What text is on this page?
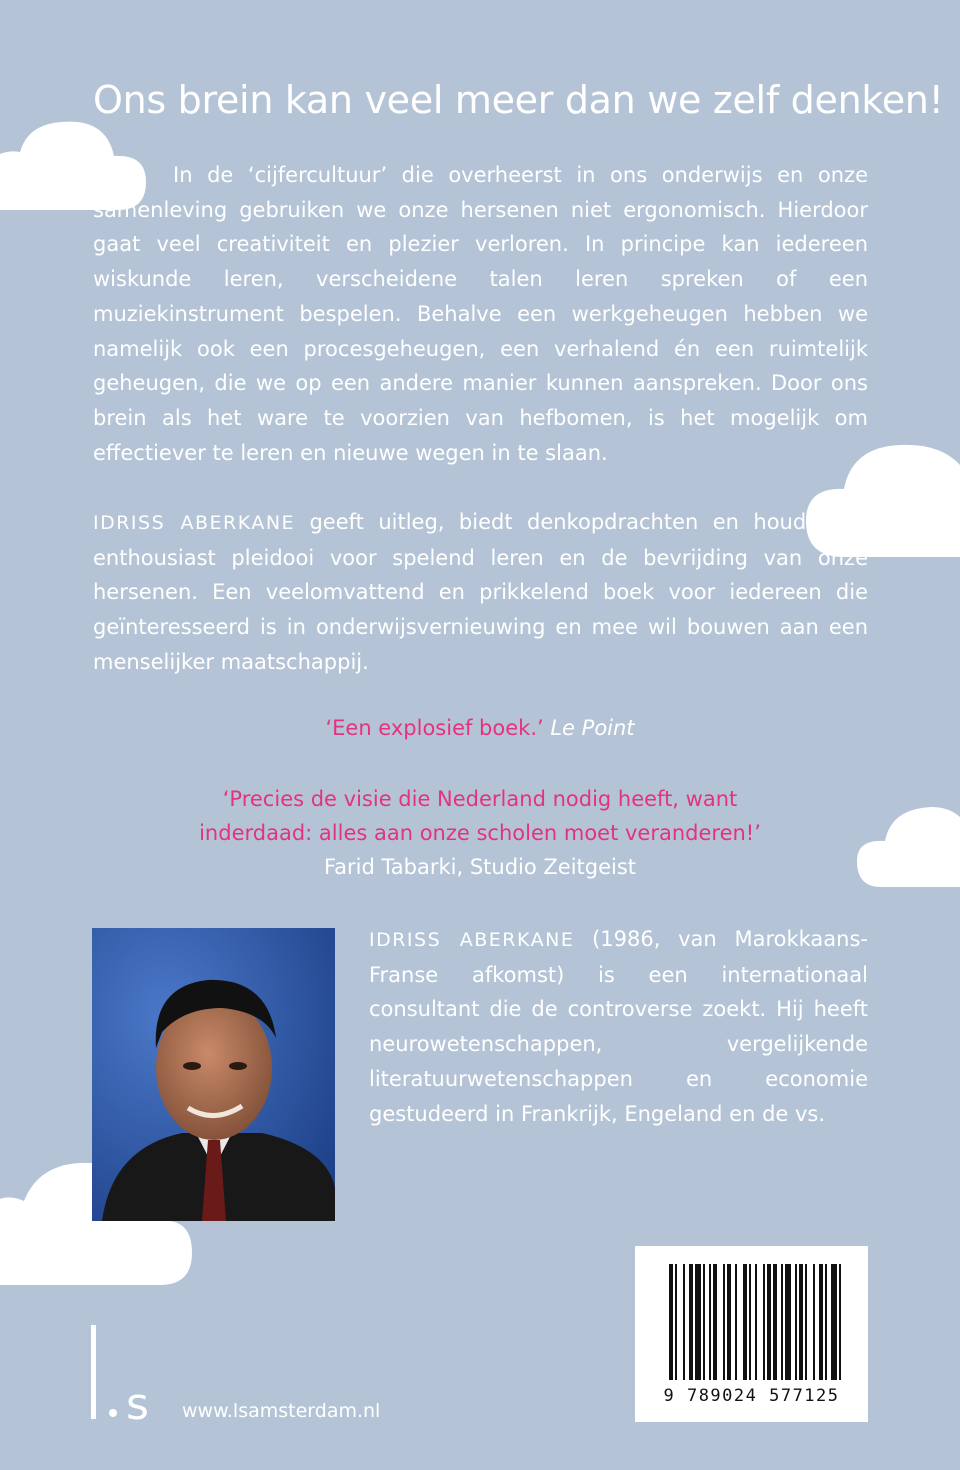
Ons brein kan veel meer dan we zelf denken!

In de ‘cijfercultuur’ die overheerst in ons onderwijs en onze samenleving gebruiken we onze hersenen niet ergonomisch. Hierdoor gaat veel creativiteit en plezier verloren. In principe kan iedereen wiskunde leren, verscheidene talen leren spreken of een muziekinstrument bespelen. Behalve een werkgeheugen hebben we namelijk ook een procesgeheugen, een verhalend én een ruimtelijk geheugen, die we op een andere manier kunnen aanspreken. Door ons brein als het ware te voorzien van hefbomen, is het mogelijk om effectiever te leren en nieuwe wegen in te slaan.

IDRISS ABERKANE geeft uitleg, biedt denkopdrachten en houdt een enthousiast pleidooi voor spelend leren en de bevrijding van onze hersenen. Een veelomvattend en prikkelend boek voor iedereen die geïnteresseerd is in onderwijsvernieuwing en mee wil bouwen aan een menselijker maatschappij.

‘Een explosief boek.’ Le Point

‘Precies de visie die Nederland nodig heeft, want
inderdaad: alles aan onze scholen moet veranderen!’
Farid Tabarki, Studio Zeitgeist

IDRISS ABERKANE (1986, van Marokkaans-Franse afkomst) is een internationaal consultant die de controverse zoekt. Hij heeft neurowetenschappen, vergelijkende literatuurwetenschappen en economie gestudeerd in Frankrijk, Engeland en de vs.

s www.lsamsterdam.nl

9 789024 577125
